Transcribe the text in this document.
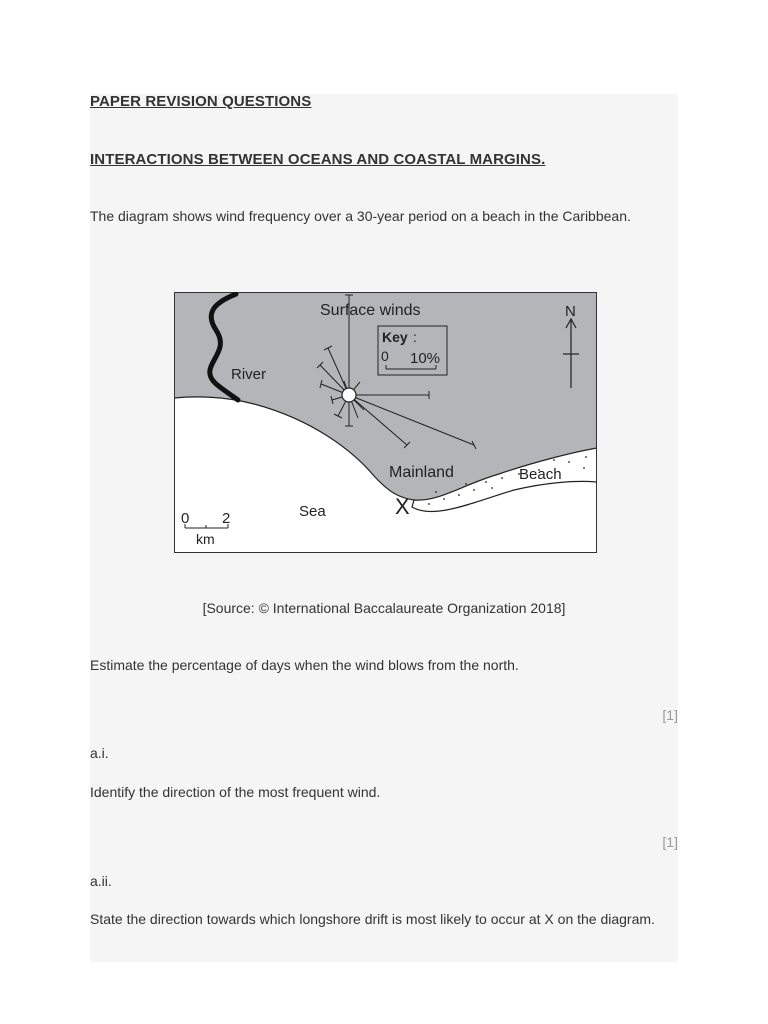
PAPER REVISION QUESTIONS
INTERACTIONS BETWEEN OCEANS AND COASTAL MARGINS.
The diagram shows wind frequency over a 30-year period on a beach in the Caribbean.
Key :
0 10%
N
Surface winds
River
Mainland	Beach
Sea	X
0 2
km
[Source: © International Baccalaureate Organization 2018]
Estimate the percentage of days when the wind blows from the north.
[1]
a.i.
Identify the direction of the most frequent wind.
[1]
a.ii.
State the direction towards which longshore drift is most likely to occur at X on the diagram.
